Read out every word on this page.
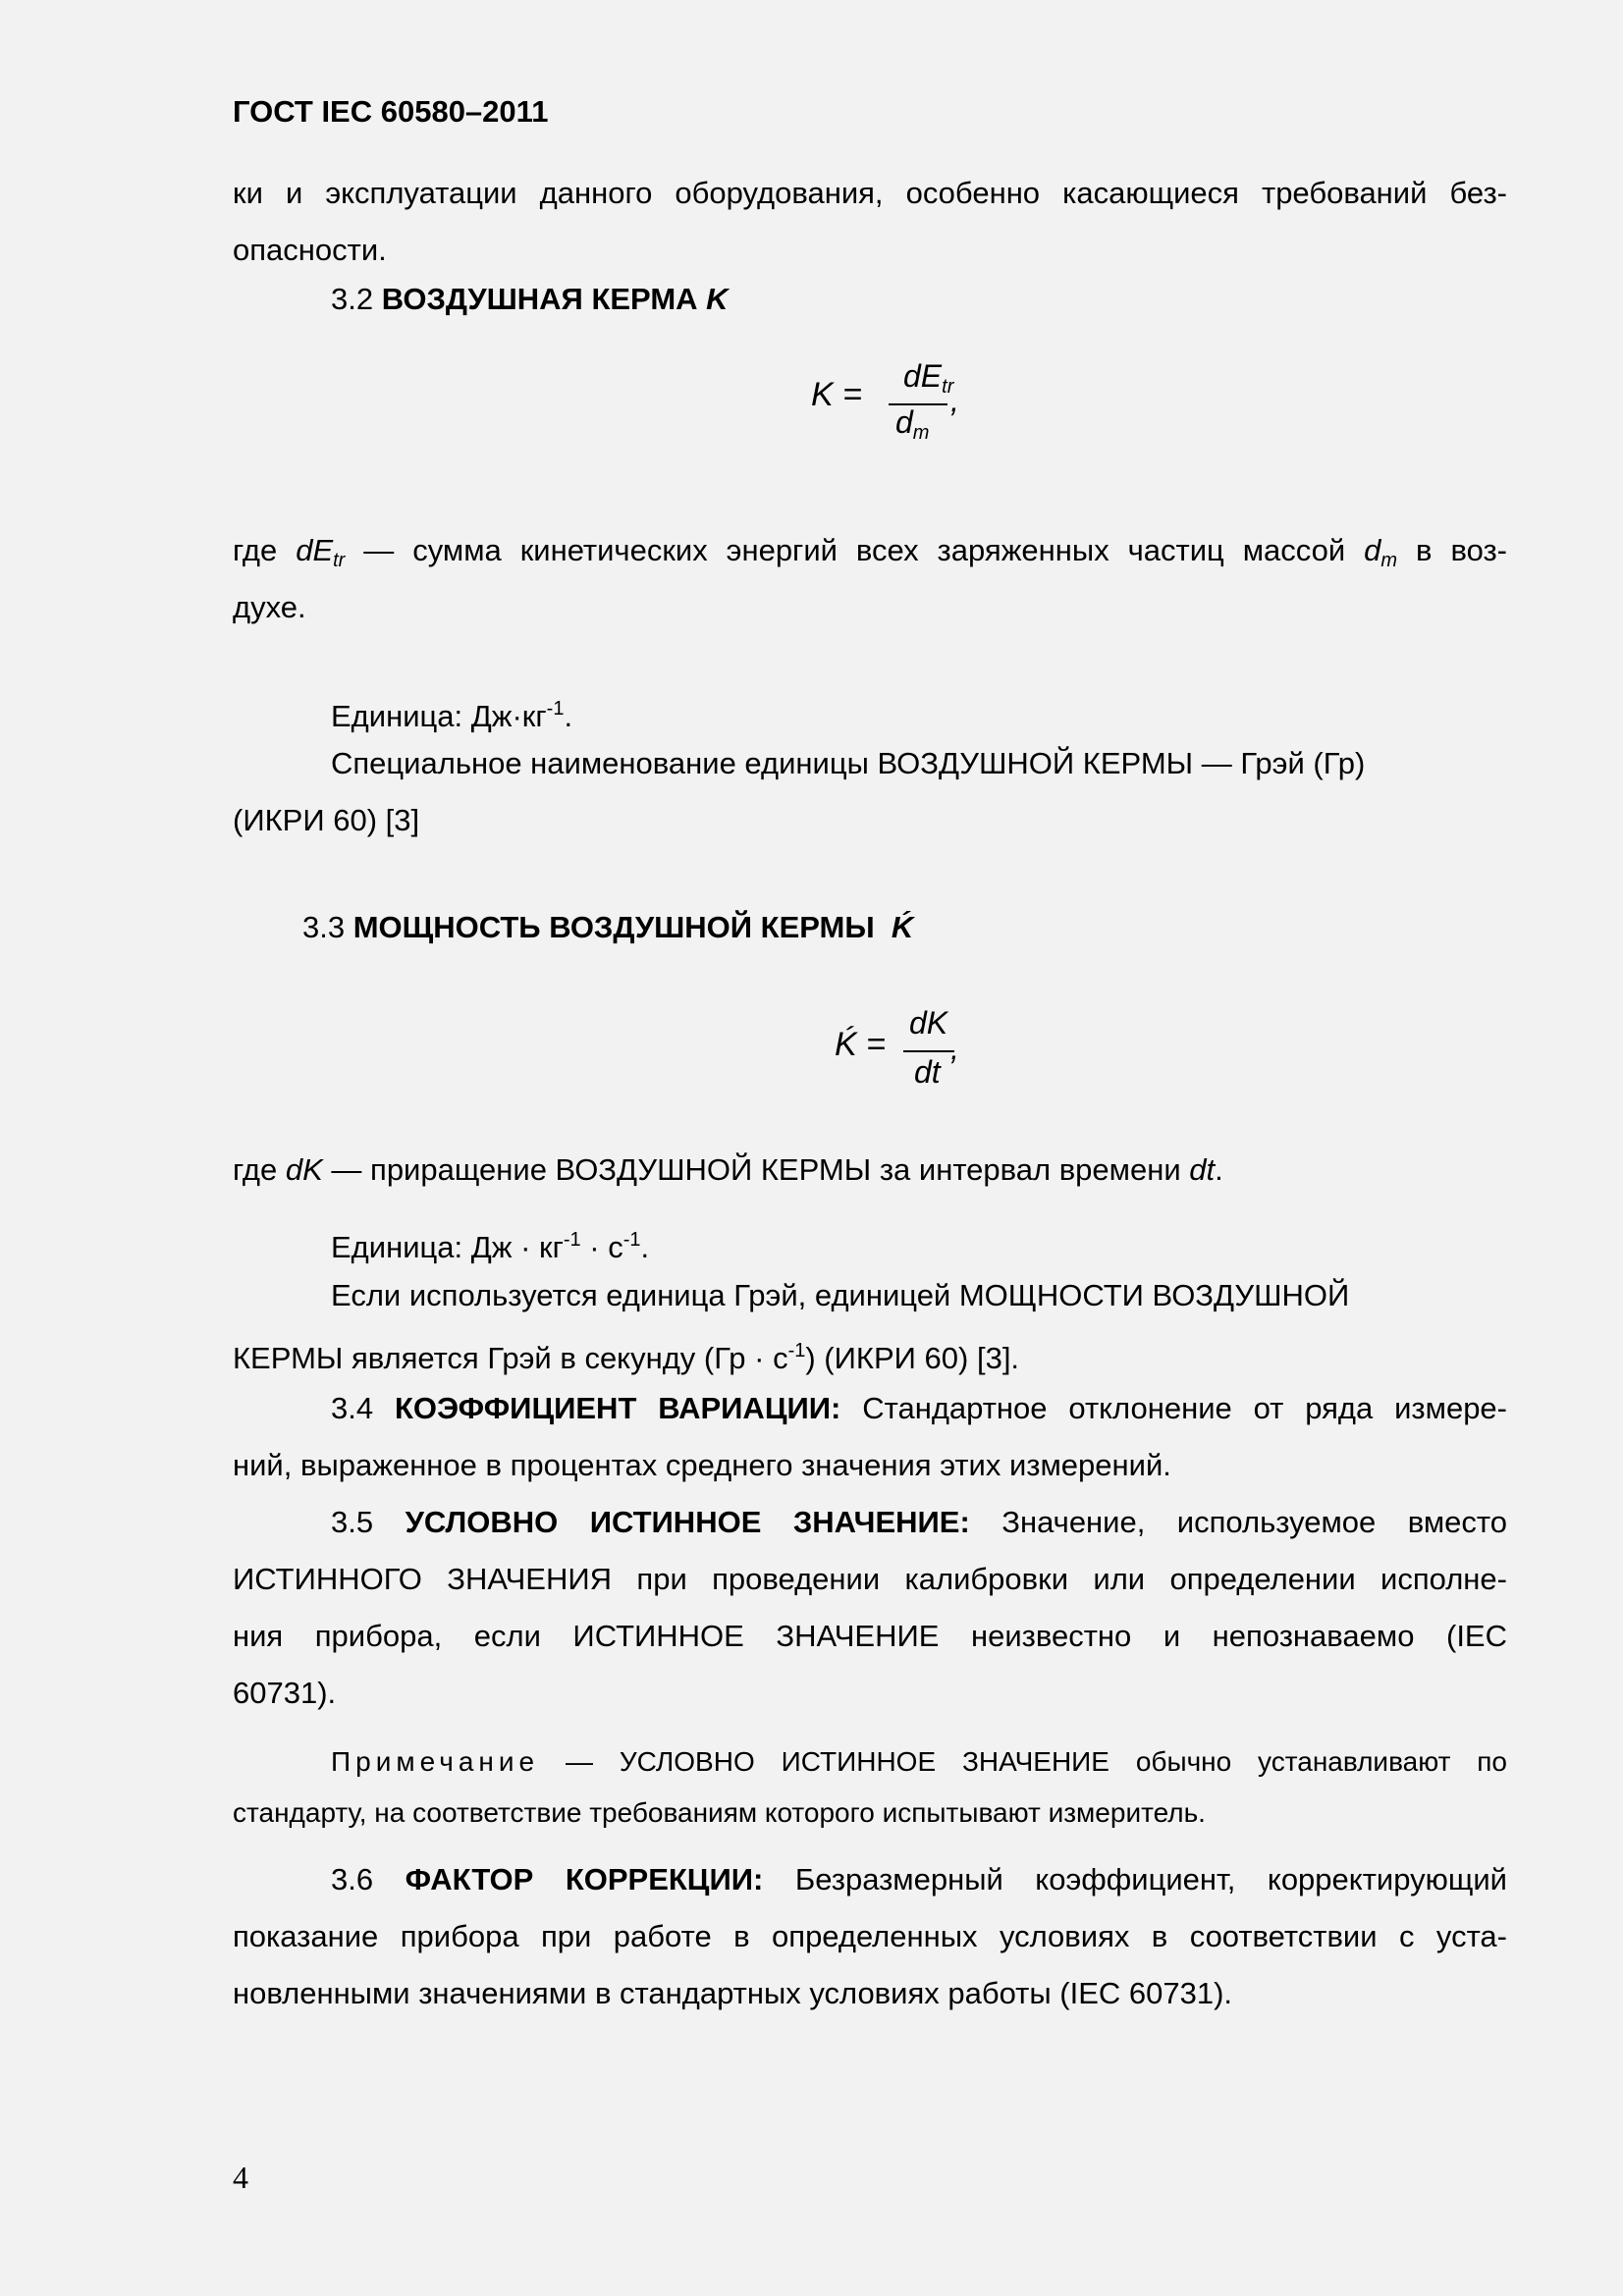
ГОСТ IEC 60580–2011
ки и эксплуатации данного оборудования, особенно касающиеся требований без-
опасности.
3.2 ВОЗДУШНАЯ КЕРМА K
$K = dE_{tr}$
,
$d_m$
где $dE_{tr}$ — сумма кинетических энергий всех заряженных частиц массой $d_m$ в воз-
духе.
Единица: $Дж\cdot кг^{-1}$.
Специальное наименование единицы ВОЗДУШНОЙ КЕРМЫ — Грэй (Гр)
(ИКРИ 60) [3]
3.3 МОЩНОСТЬ ВОЗДУШНОЙ КЕРМЫ Ḱ
Ḱ =
dK
,
dt
где dK — приращение ВОЗДУШНОЙ КЕРМЫ за интервал времени dt.
Единица: Дж · $кг^{-1} \cdot с^{-1}$.
Если используется единица Грэй, единицей МОЩНОСТИ ВОЗДУШНОЙ
КЕРМЫ является Грэй в секунду $(Гр \cdot с^{-1})$ (ИКРИ 60) [3].
3.4 КОЭФФИЦИЕНТ ВАРИАЦИИ: Стандартное отклонение от ряда измере-
ний, выраженное в процентах среднего значения этих измерений.
3.5 УСЛОВНО ИСТИННОЕ ЗНАЧЕНИЕ: Значение, используемое вместо
ИСТИННОГО ЗНАЧЕНИЯ при проведении калибровки или определении исполне-
ния прибора, если ИСТИННОЕ ЗНАЧЕНИЕ неизвестно и непознаваемо (IEC
60731).
Примечание — УСЛОВНО ИСТИННОЕ ЗНАЧЕНИЕ обычно устанавливают по
стандарту, на соответствие требованиям которого испытывают измеритель.
3.6 ФАКТОР КОРРЕКЦИИ: Безразмерный коэффициент, корректирующий
показание прибора при работе в определенных условиях в соответствии с уста-
новленными значениями в стандартных условиях работы (IEC 60731).
4
